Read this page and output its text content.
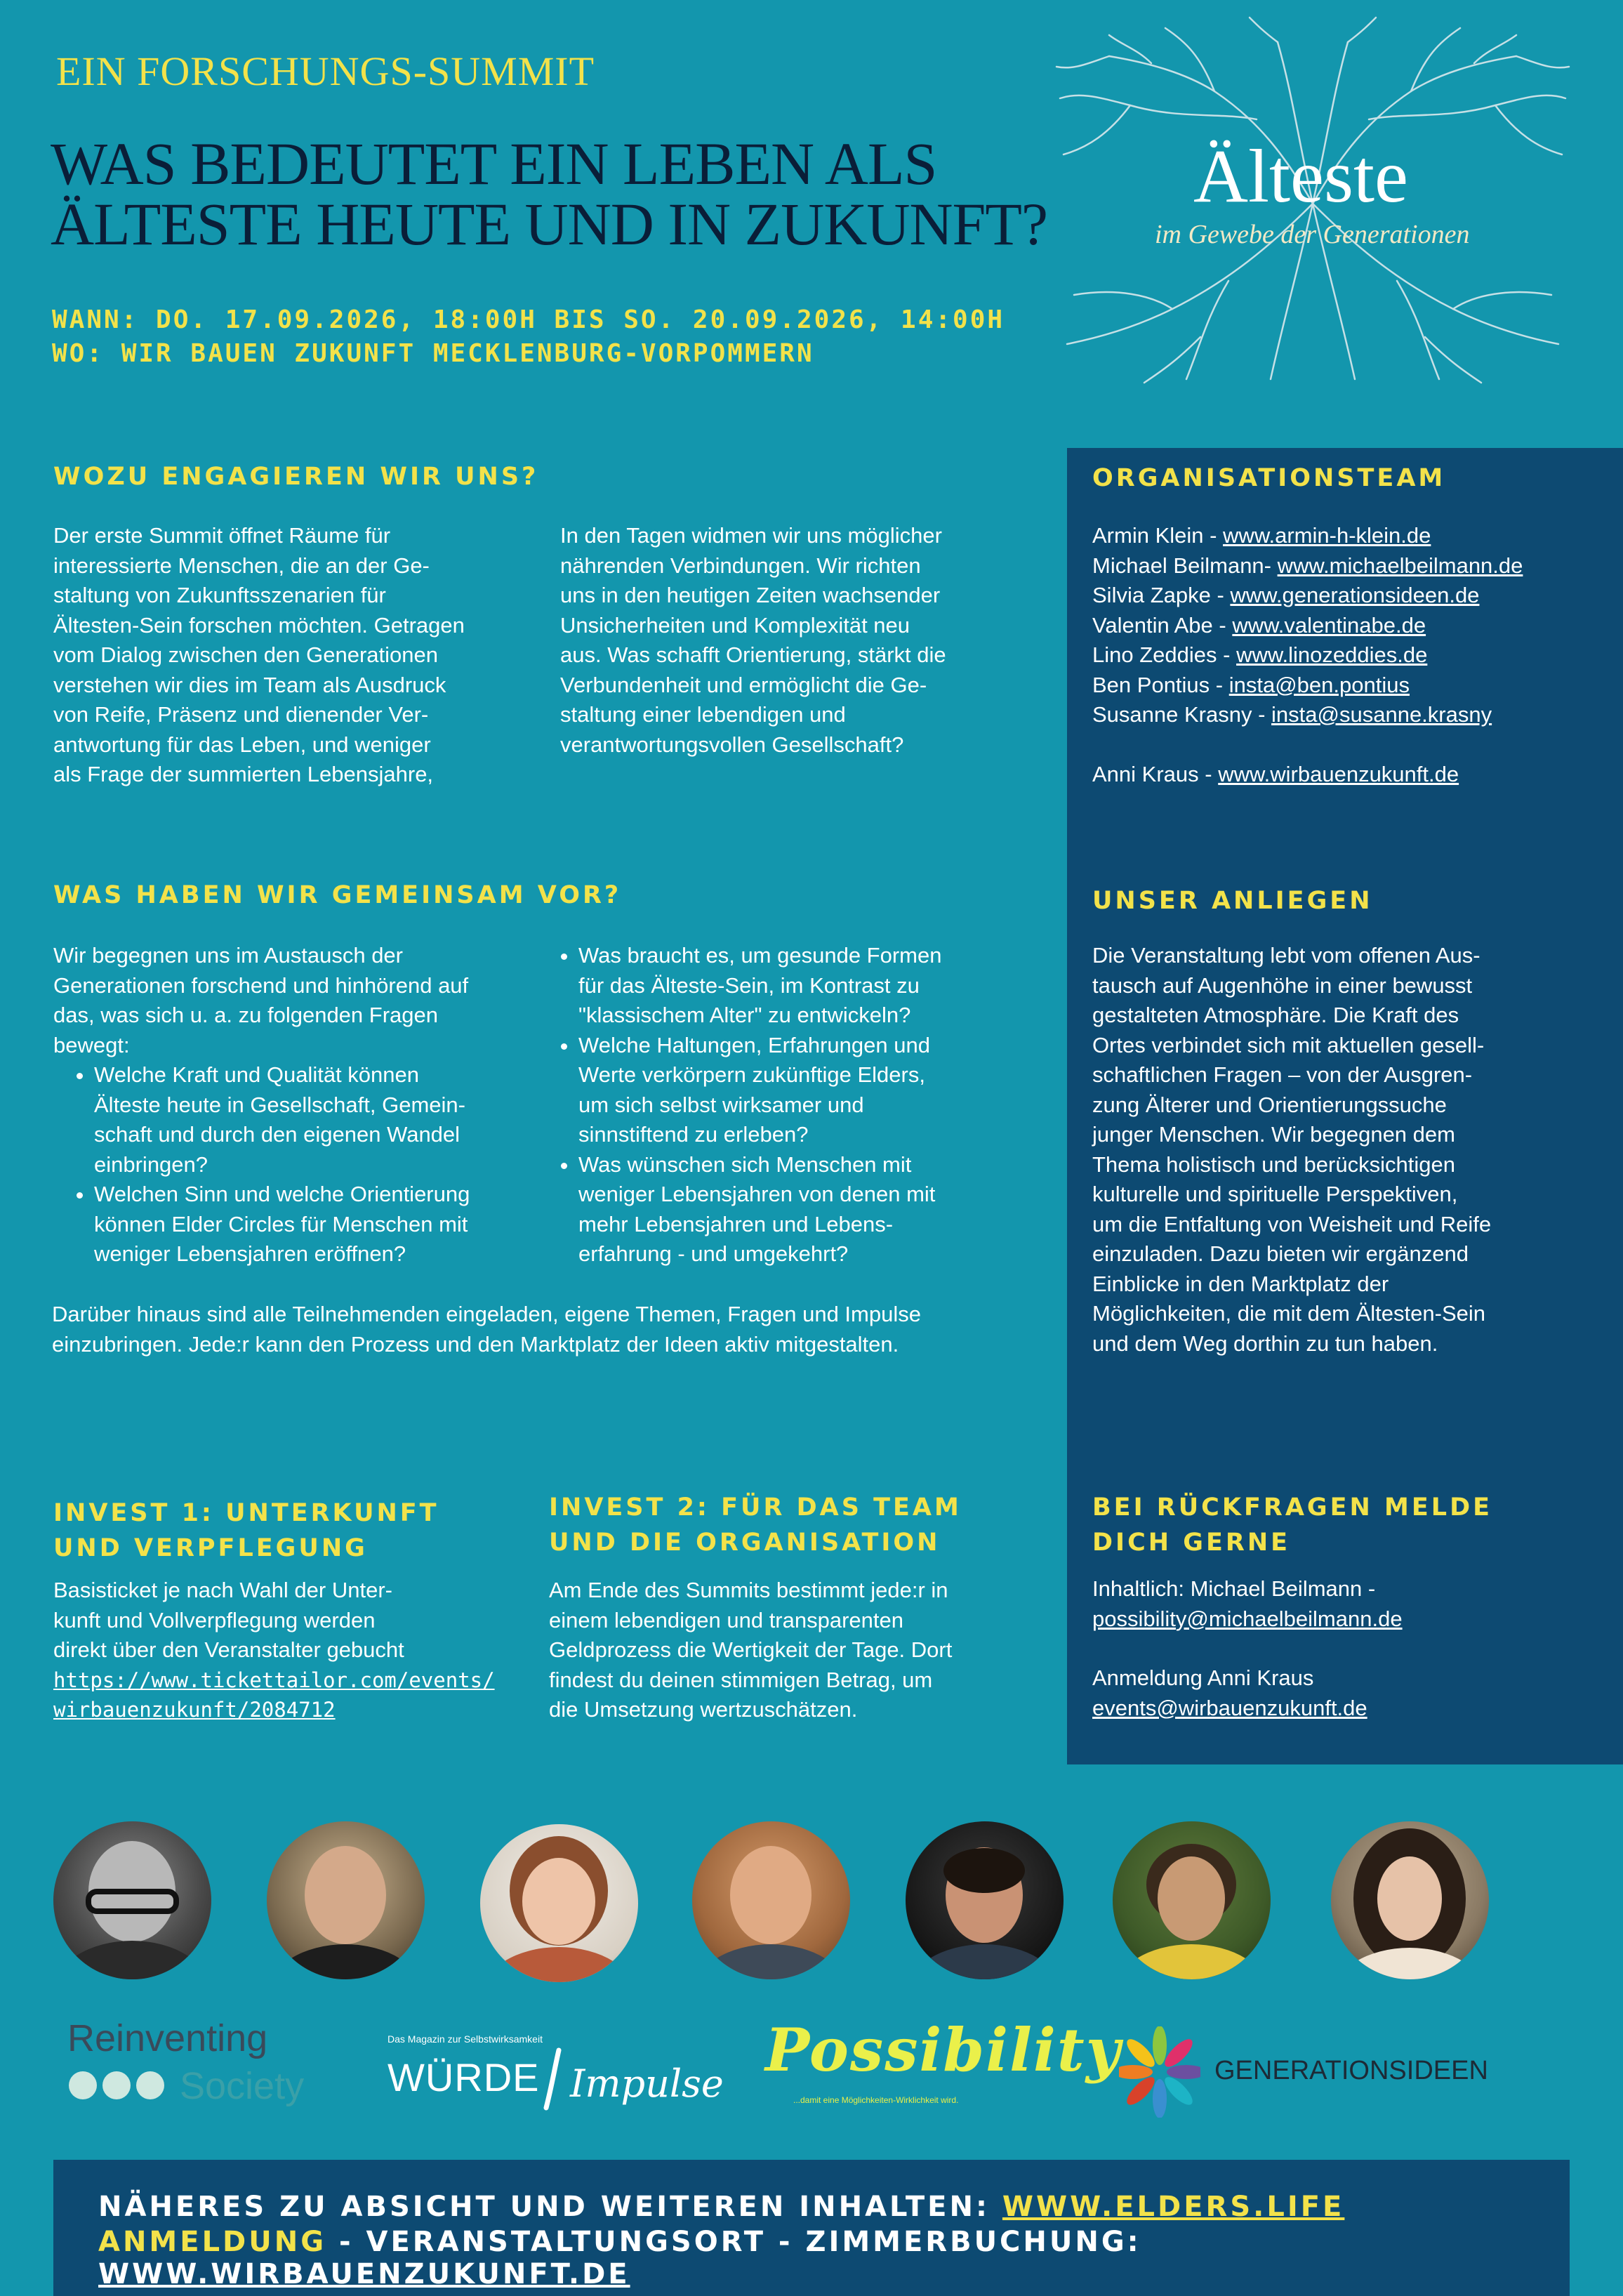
EIN FORSCHUNGS-SUMMIT
WAS BEDEUTET EIN LEBEN ALS
ÄLTESTE HEUTE UND IN ZUKUNFT?
WANN: DO. 17.09.2026, 18:00H BIS SO. 20.09.2026, 14:00H
WO: WIR BAUEN ZUKUNFT MECKLENBURG-VORPOMMERN
Älteste
im Gewebe der Generationen
WOZU ENGAGIEREN WIR UNS?
Der erste Summit öffnet Räume für
interessierte Menschen, die an der Ge-
staltung von Zukunftsszenarien für
Ältesten-Sein forschen möchten. Getragen
vom Dialog zwischen den Generationen
verstehen wir dies im Team als Ausdruck
von Reife, Präsenz und dienender Ver-
antwortung für das Leben, und weniger
als Frage der summierten Lebensjahre,
In den Tagen widmen wir uns möglicher
nährenden Verbindungen. Wir richten
uns in den heutigen Zeiten wachsender
Unsicherheiten und Komplexität neu
aus. Was schafft Orientierung, stärkt die
Verbundenheit und ermöglicht die Ge-
staltung einer lebendigen und
verantwortungsvollen Gesellschaft?
WAS HABEN WIR GEMEINSAM VOR?
Wir begegnen uns im Austausch der
Generationen forschend und hinhörend auf
das, was sich u. a. zu folgenden Fragen
bewegt:
• Welche Kraft und Qualität können
Älteste heute in Gesellschaft, Gemein-
schaft und durch den eigenen Wandel
einbringen?
• Welchen Sinn und welche Orientierung
können Elder Circles für Menschen mit
weniger Lebensjahren eröffnen?
• Was braucht es, um gesunde Formen
für das Älteste-Sein, im Kontrast zu
"klassischem Alter" zu entwickeln?
• Welche Haltungen, Erfahrungen und
Werte verkörpern zukünftige Elders,
um sich selbst wirksamer und
sinnstiftend zu erleben?
• Was wünschen sich Menschen mit
weniger Lebensjahren von denen mit
mehr Lebensjahren und Lebens-
erfahrung - und umgekehrt?
Darüber hinaus sind alle Teilnehmenden eingeladen, eigene Themen, Fragen und Impulse
einzubringen. Jede:r kann den Prozess und den Marktplatz der Ideen aktiv mitgestalten.
INVEST 1: UNTERKUNFT
UND VERPFLEGUNG
Basisticket je nach Wahl der Unter-
kunft und Vollverpflegung werden
direkt über den Veranstalter gebucht
https://www.tickettailor.com/events/
wirbauenzukunft/2084712
INVEST 2: FÜR DAS TEAM
UND DIE ORGANISATION
Am Ende des Summits bestimmt jede:r in
einem lebendigen und transparenten
Geldprozess die Wertigkeit der Tage. Dort
findest du deinen stimmigen Betrag, um
die Umsetzung wertzuschätzen.
ORGANISATIONSTEAM
Armin Klein - www.armin-h-klein.de
Michael Beilmann- www.michaelbeilmann.de
Silvia Zapke - www.generationsideen.de
Valentin Abe - www.valentinabe.de
Lino Zeddies - www.linozeddies.de
Ben Pontius - insta@ben.pontius
Susanne Krasny - insta@susanne.krasny
Anni Kraus - www.wirbauenzukunft.de
UNSER ANLIEGEN
Die Veranstaltung lebt vom offenen Aus-
tausch auf Augenhöhe in einer bewusst
gestalteten Atmosphäre. Die Kraft des
Ortes verbindet sich mit aktuellen gesell-
schaftlichen Fragen – von der Ausgren-
zung Älterer und Orientierungssuche
junger Menschen. Wir begegnen dem
Thema holistisch und berücksichtigen
kulturelle und spirituelle Perspektiven,
um die Entfaltung von Weisheit und Reife
einzuladen. Dazu bieten wir ergänzend
Einblicke in den Marktplatz der
Möglichkeiten, die mit dem Ältesten-Sein
und dem Weg dorthin zu tun haben.
BEI RÜCKFRAGEN MELDE
DICH GERNE
Inhaltlich: Michael Beilmann -
possibility@michaelbeilmann.de
Anmeldung Anni Kraus
events@wirbauenzukunft.de
Reinventing
Society
Das Magazin zur Selbstwirksamkeit
WÜRDE Impulse Possibility
...damit eine Möglichkeiten-Wirklichkeit wird.
GENERATIONSIDEEN
NÄHERES ZU ABSICHT UND WEITEREN INHALTEN: WWW.ELDERS.LIFE
ANMELDUNG - VERANSTALTUNGSORT - ZIMMERBUCHUNG: WWW.WIRBAUENZUKUNFT.DE
